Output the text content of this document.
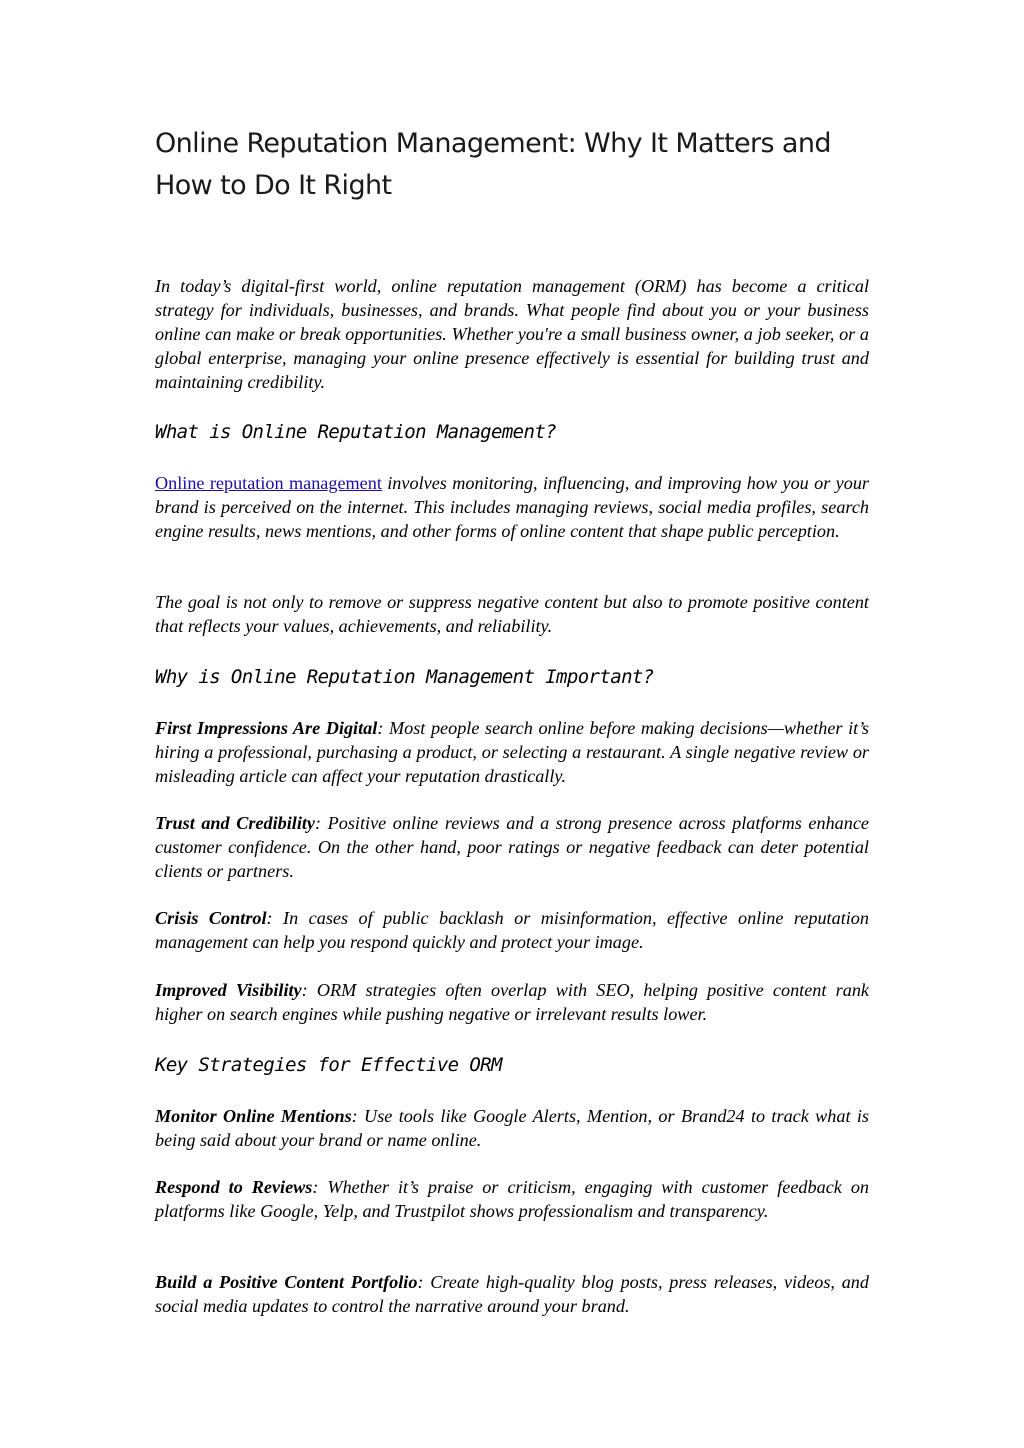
Online Reputation Management: Why It Matters and How to Do It Right

In today’s digital-first world, online reputation management (ORM) has become a critical strategy for individuals, businesses, and brands. What people find about you or your business online can make or break opportunities. Whether you're a small business owner, a job seeker, or a global enterprise, managing your online presence effectively is essential for building trust and maintaining credibility.

What is Online Reputation Management?

Online reputation management involves monitoring, influencing, and improving how you or your brand is perceived on the internet. This includes managing reviews, social media profiles, search engine results, news mentions, and other forms of online content that shape public perception.

The goal is not only to remove or suppress negative content but also to promote positive content that reflects your values, achievements, and reliability.

Why is Online Reputation Management Important?

First Impressions Are Digital: Most people search online before making decisions—whether it’s hiring a professional, purchasing a product, or selecting a restaurant. A single negative review or misleading article can affect your reputation drastically.

Trust and Credibility: Positive online reviews and a strong presence across platforms enhance customer confidence. On the other hand, poor ratings or negative feedback can deter potential clients or partners.

Crisis Control: In cases of public backlash or misinformation, effective online reputation management can help you respond quickly and protect your image.

Improved Visibility: ORM strategies often overlap with SEO, helping positive content rank higher on search engines while pushing negative or irrelevant results lower.

Key Strategies for Effective ORM

Monitor Online Mentions: Use tools like Google Alerts, Mention, or Brand24 to track what is being said about your brand or name online.

Respond to Reviews: Whether it’s praise or criticism, engaging with customer feedback on platforms like Google, Yelp, and Trustpilot shows professionalism and transparency.

Build a Positive Content Portfolio: Create high-quality blog posts, press releases, videos, and social media updates to control the narrative around your brand.
